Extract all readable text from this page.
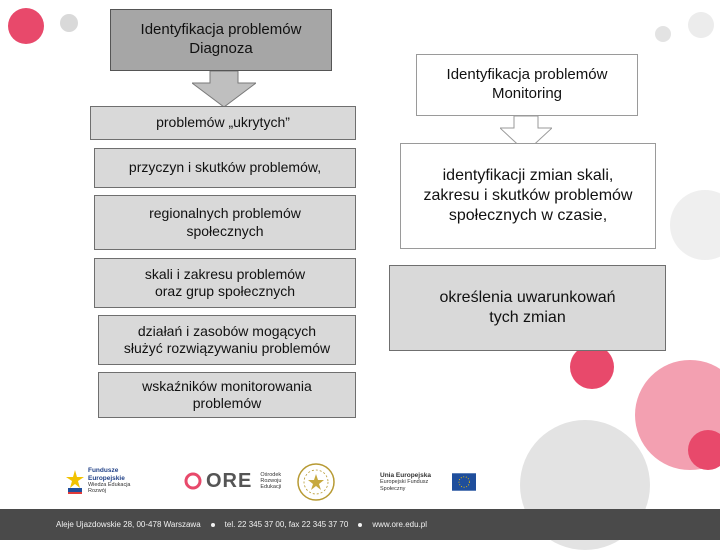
Identyfikacja problemów
Diagnoza
problemów „ukrytych”
przyczyn i skutków problemów,
regionalnych problemów
społecznych
skali i zakresu problemów
oraz grup społecznych
działań i zasobów mogących
służyć rozwiązywaniu problemów
wskaźników monitorowania
problemów
Identyfikacja problemów
Monitoring
identyfikacji zmian skali,
zakresu i skutków problemów
społecznych w czasie,
określenia uwarunkowań
tych zmian
Fundusze
Europejskie
Wiedza Edukacja Rozwój	ORE Ośrodek
Rozwoju
Edukacji
Unia Europejska
Europejski Fundusz Społeczny
Aleje Ujazdowskie 28, 00-478 Warszawa	tel. 22 345 37 00, fax 22 345 37 70	www.ore.edu.pl
